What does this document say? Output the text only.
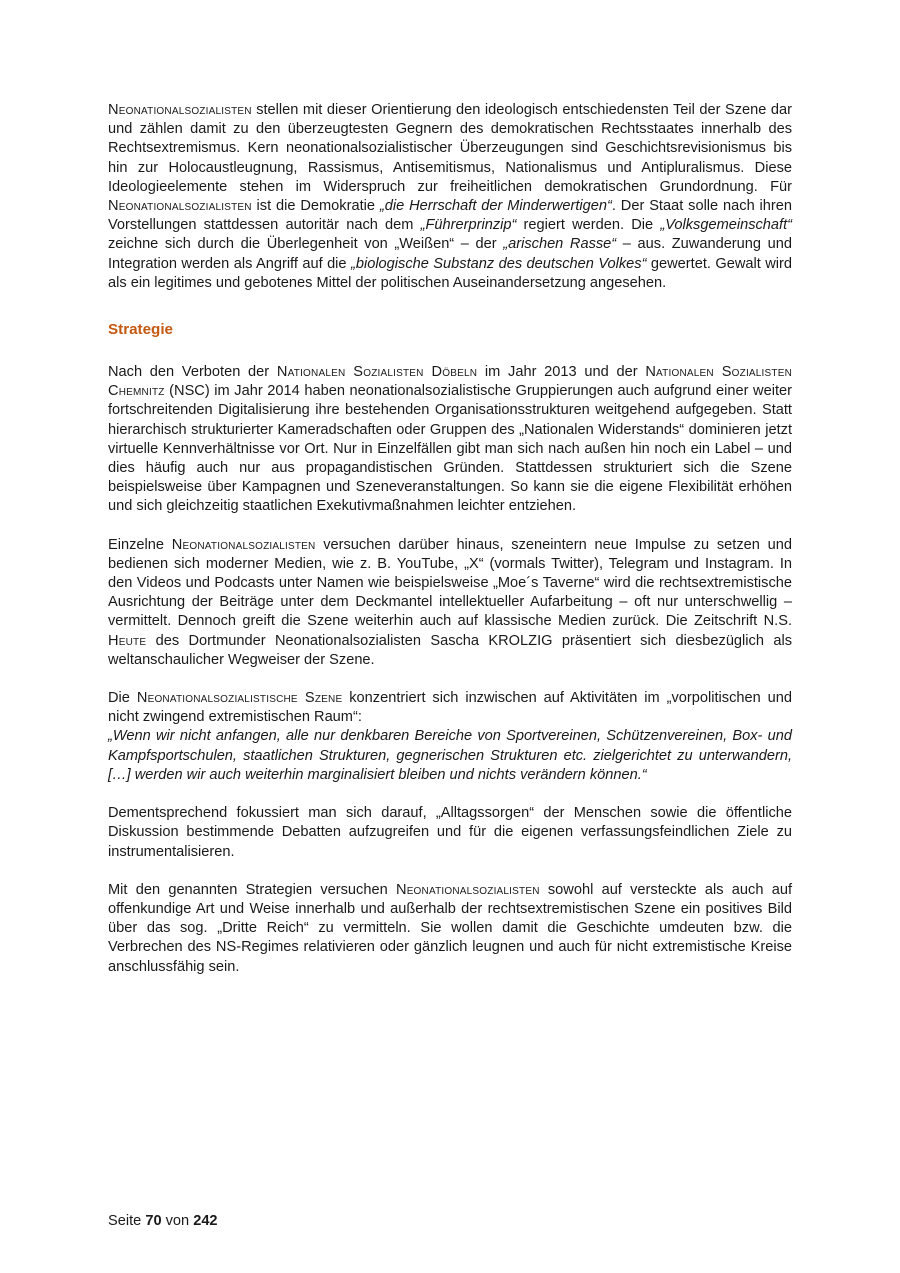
Neonationalsozialisten stellen mit dieser Orientierung den ideologisch entschiedensten Teil der Szene dar und zählen damit zu den überzeugtesten Gegnern des demokratischen Rechtsstaates innerhalb des Rechtsextremismus. Kern neonationalsozialistischer Überzeugungen sind Geschichtsrevisionismus bis hin zur Holocaustleugnung, Rassismus, Antisemitismus, Nationalismus und Antipluralismus. Diese Ideologieelemente stehen im Widerspruch zur freiheitlichen demokratischen Grundordnung. Für Neonationalsozialisten ist die Demokratie „die Herrschaft der Minderwertigen“. Der Staat solle nach ihren Vorstellungen stattdessen autoritär nach dem „Führerprinzip“ regiert werden. Die „Volksgemeinschaft“ zeichne sich durch die Überlegenheit von „Weißen“ – der „arischen Rasse“ – aus. Zuwanderung und Integration werden als Angriff auf die „biologische Substanz des deutschen Volkes“ gewertet. Gewalt wird als ein legitimes und gebotenes Mittel der politischen Auseinandersetzung angesehen.

Strategie

Nach den Verboten der Nationalen Sozialisten Döbeln im Jahr 2013 und der Nationalen Sozialisten Chemnitz (NSC) im Jahr 2014 haben neonationalsozialistische Gruppierungen auch aufgrund einer weiter fortschreitenden Digitalisierung ihre bestehenden Organisationsstrukturen weitgehend aufgegeben. Statt hierarchisch strukturierter Kameradschaften oder Gruppen des „Nationalen Widerstands“ dominieren jetzt virtuelle Kennverhältnisse vor Ort. Nur in Einzelfällen gibt man sich nach außen hin noch ein Label – und dies häufig auch nur aus propagandistischen Gründen. Stattdessen strukturiert sich die Szene beispielsweise über Kampagnen und Szeneveranstaltungen. So kann sie die eigene Flexibilität erhöhen und sich gleichzeitig staatlichen Exekutivmaßnahmen leichter entziehen.

Einzelne Neonationalsozialisten versuchen darüber hinaus, szeneintern neue Impulse zu setzen und bedienen sich moderner Medien, wie z. B. YouTube, „X“ (vormals Twitter), Telegram und Instagram. In den Videos und Podcasts unter Namen wie beispielsweise „Moe´s Taverne“ wird die rechtsextremistische Ausrichtung der Beiträge unter dem Deckmantel intellektueller Aufarbeitung – oft nur unterschwellig – vermittelt. Dennoch greift die Szene weiterhin auch auf klassische Medien zurück. Die Zeitschrift N.S. Heute des Dortmunder Neonationalsozialisten Sascha KROLZIG präsentiert sich diesbezüglich als weltanschaulicher Wegweiser der Szene.

Die Neonationalsozialistische Szene konzentriert sich inzwischen auf Aktivitäten im „vorpolitischen und nicht zwingend extremistischen Raum“:
„Wenn wir nicht anfangen, alle nur denkbaren Bereiche von Sportvereinen, Schützenvereinen, Box- und Kampfsportschulen, staatlichen Strukturen, gegnerischen Strukturen etc. zielgerichtet zu unterwandern, […] werden wir auch weiterhin marginalisiert bleiben und nichts verändern können.“

Dementsprechend fokussiert man sich darauf, „Alltagssorgen“ der Menschen sowie die öffentliche Diskussion bestimmende Debatten aufzugreifen und für die eigenen verfassungsfeindlichen Ziele zu instrumentalisieren.

Mit den genannten Strategien versuchen Neonationalsozialisten sowohl auf versteckte als auch auf offenkundige Art und Weise innerhalb und außerhalb der rechtsextremistischen Szene ein positives Bild über das sog. „Dritte Reich“ zu vermitteln. Sie wollen damit die Geschichte umdeuten bzw. die Verbrechen des NS-Regimes relativieren oder gänzlich leugnen und auch für nicht extremistische Kreise anschlussfähig sein.

Seite 70 von 242
